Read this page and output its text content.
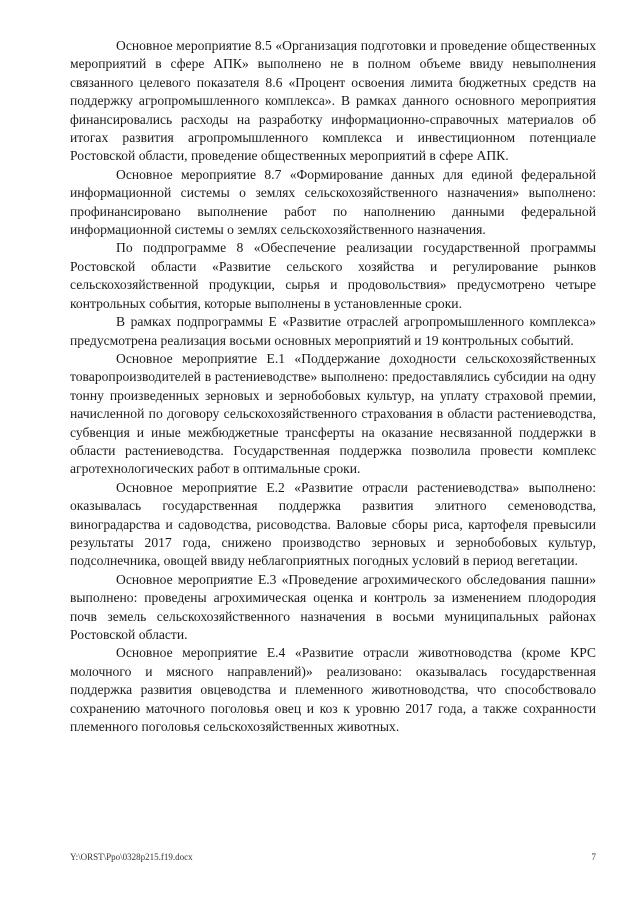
Основное мероприятие 8.5 «Организация подготовки и проведение общественных мероприятий в сфере АПК» выполнено не в полном объеме ввиду невыполнения связанного целевого показателя 8.6 «Процент освоения лимита бюджетных средств на поддержку агропромышленного комплекса». В рамках данного основного мероприятия финансировались расходы на разработку информационно-справочных материалов об итогах развития агропромышленного комплекса и инвестиционном потенциале Ростовской области, проведение общественных мероприятий в сфере АПК.

Основное мероприятие 8.7 «Формирование данных для единой федеральной информационной системы о землях сельскохозяйственного назначения» выполнено: профинансировано выполнение работ по наполнению данными федеральной информационной системы о землях сельскохозяйственного назначения.

По подпрограмме 8 «Обеспечение реализации государственной программы Ростовской области «Развитие сельского хозяйства и регулирование рынков сельскохозяйственной продукции, сырья и продовольствия» предусмотрено четыре контрольных события, которые выполнены в установленные сроки.

В рамках подпрограммы Е «Развитие отраслей агропромышленного комплекса» предусмотрена реализация восьми основных мероприятий и 19 контрольных событий.

Основное мероприятие Е.1 «Поддержание доходности сельскохозяйственных товаропроизводителей в растениеводстве» выполнено: предоставлялись субсидии на одну тонну произведенных зерновых и зернобобовых культур, на уплату страховой премии, начисленной по договору сельскохозяйственного страхования в области растениеводства, субвенция и иные межбюджетные трансферты на оказание несвязанной поддержки в области растениеводства. Государственная поддержка позволила провести комплекс агротехнологических работ в оптимальные сроки.

Основное мероприятие Е.2 «Развитие отрасли растениеводства» выполнено: оказывалась государственная поддержка развития элитного семеноводства, виноградарства и садоводства, рисоводства. Валовые сборы риса, картофеля превысили результаты 2017 года, снижено производство зерновых и зернобобовых культур, подсолнечника, овощей ввиду неблагоприятных погодных условий в период вегетации.

Основное мероприятие Е.3 «Проведение агрохимического обследования пашни» выполнено: проведены агрохимическая оценка и контроль за изменением плодородия почв земель сельскохозяйственного назначения в восьми муниципальных районах Ростовской области.

Основное мероприятие Е.4 «Развитие отрасли животноводства (кроме КРС молочного и мясного направлений)» реализовано: оказывалась государственная поддержка развития овцеводства и племенного животноводства, что способствовало сохранению маточного поголовья овец и коз к уровню 2017 года, а также сохранности племенного поголовья сельскохозяйственных животных.

Y:\ORST\Ppo\0328p215.f19.docx	7
